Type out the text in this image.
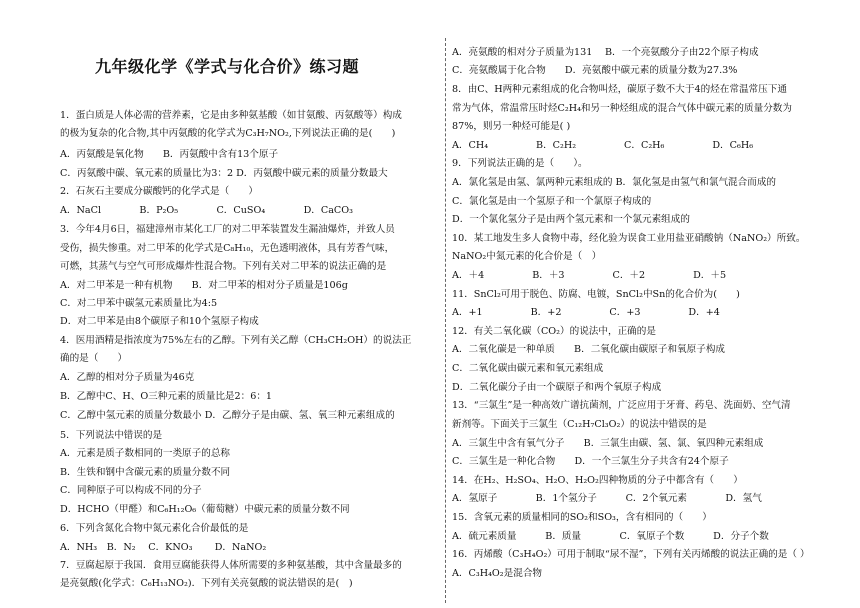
九年级化学《学式与化合价》练习题
1．蛋白质是人体必需的营养素，它是由多种氨基酸（如甘氨酸、丙氨酸等）构成
的极为复杂的化合物,其中丙氨酸的化学式为C₃H₇NO₂,下列说法正确的是(　　)
A．丙氨酸是氧化物　　B．丙氨酸中含有13个原子
C．丙氨酸中碳、氧元素的质量比为3：2 D．丙氨酸中碳元素的质量分数最大
2．石灰石主要成分碳酸钙的化学式是（　　）
A．NaCl　　　　B．P₂O₅　　　　C．CuSO₄　　　　D．CaCO₃
3．今年4月6日，福建漳州市某化工厂的对二甲苯装置发生漏油爆炸，并致人员
受伤，损失惨重。对二甲苯的化学式是C₈H₁₀，无色透明液体，具有芳香气味，
可燃，其蒸气与空气可形成爆炸性混合物。下列有关对二甲苯的说法正确的是
A．对二甲苯是一种有机物　　B．对二甲苯的相对分子质量是106g
C．对二甲苯中碳氢元素质量比为4:5
D．对二甲苯是由8个碳原子和10个氢原子构成
4．医用酒精是指浓度为75%左右的乙醇。下列有关乙醇（CH₃CH₂OH）的说法正
确的是（　　）
A．乙醇的相对分子质量为46克
B．乙醇中C、H、O三种元素的质量比是2：6：1
C．乙醇中氢元素的质量分数最小 D．乙醇分子是由碳、氢、氧三种元素组成的
5．下列说法中错误的是
A．元素是质子数相同的一类原子的总称
B．生铁和钢中含碳元素的质量分数不同
C．同种原子可以构成不同的分子
D．HCHO（甲醛）和C₆H₁₂O₆（葡萄糖）中碳元素的质量分数不同
6．下列含氮化合物中氮元素化合价最低的是
A．NH₃　B．N₂　 C．KNO₃　　 D．NaNO₂
7．豆腐起原于我国．食用豆腐能获得人体所需要的多种氨基酸，其中含量最多的
是亮氨酸(化学式：C₆H₁₃NO₂)．下列有关亮氨酸的说法错误的是(　)
A．亮氨酸的相对分子质量为131　 B．一个亮氨酸分子由22个原子构成
C．亮氨酸属于化合物　　D．亮氨酸中碳元素的质量分数为27.3%
8．由C、H两种元素组成的化合物叫烃，碳原子数不大于4的烃在常温常压下通
常为气体，常温常压时烃C₂H₄和另一种烃组成的混合气体中碳元素的质量分数为
87%，则另一种烃可能是( )
A．CH₄　　　　　B．C₂H₂　　　　　C．C₂H₆　　　　　D．C₆H₆
9．下列说法正确的是（　　）。
A．氯化氢是由氢、氯两种元素组成的 B．氯化氢是由氢气和氯气混合而成的
C．氯化氢是由一个氢原子和一个氯原子构成的
D．一个氯化氢分子是由两个氢元素和一个氯元素组成的
10．某工地发生多人食物中毒，经化验为误食工业用盐亚硝酸钠（NaNO₂）所致。
NaNO₂中氮元素的化合价是（　）
A．＋4　　　　　B．＋3　　　　　C．＋2　　　　　D．＋5
11．SnCl₂可用于脱色、防腐、电镀，SnCl₂中Sn的化合价为(　　)
A．+1　　　　　B．+2　　　　　C．+3　　　　　D．+4
12．有关二氧化碳（CO₂）的说法中，正确的是
A．二氧化碳是一种单质　　B．二氧化碳由碳原子和氧原子构成
C．二氧化碳由碳元素和氧元素组成
D．二氧化碳分子由一个碳原子和两个氧原子构成
13．“三氯生”是一种高效广谱抗菌剂，广泛应用于牙膏、药皂、洗面奶、空气清
新剂等。下面关于三氯生（C₁₂H₇Cl₃O₂）的说法中错误的是
A．三氯生中含有氧气分子　　B．三氯生由碳、氢、氯、氧四种元素组成
C．三氯生是一种化合物　　D．一个三氯生分子共含有24个原子
14．在H₂、H₂SO₄、H₂O、H₂O₂四种物质的分子中都含有（　　）
A．氢原子　　　　B．1个氢分子　　　C．2个氧元素　　　　D．氢气
15．含氧元素的质量相同的SO₂和SO₃，含有相同的（　　）
A．硫元素质量　　　B．质量　　　　C．氧原子个数　　　D．分子个数
16．丙烯酸（C₃H₄O₂）可用于制取“尿不湿”，下列有关丙烯酸的说法正确的是（ ）
A．C₃H₄O₂是混合物
